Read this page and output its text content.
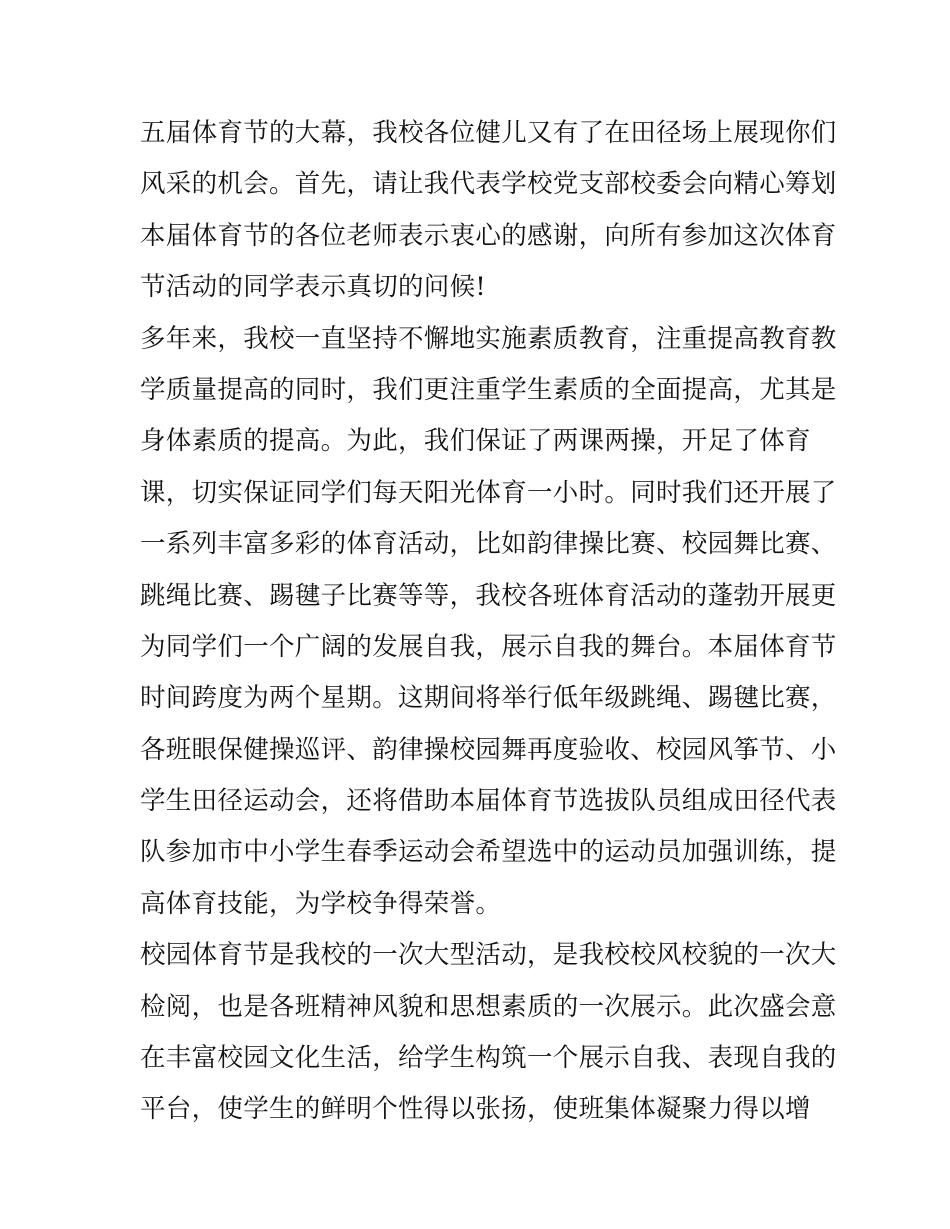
五届体育节的大幕，我校各位健儿又有了在田径场上展现你们
风采的机会。首先，请让我代表学校党支部校委会向精心筹划
本届体育节的各位老师表示衷心的感谢，向所有参加这次体育
节活动的同学表示真切的问候!
多年来，我校一直坚持不懈地实施素质教育，注重提高教育教
学质量提高的同时，我们更注重学生素质的全面提高，尤其是
身体素质的提高。为此，我们保证了两课两操，开足了体育
课，切实保证同学们每天阳光体育一小时。同时我们还开展了
一系列丰富多彩的体育活动，比如韵律操比赛、校园舞比赛、
跳绳比赛、踢毽子比赛等等，我校各班体育活动的蓬勃开展更
为同学们一个广阔的发展自我，展示自我的舞台。本届体育节
时间跨度为两个星期。这期间将举行低年级跳绳、踢毽比赛，
各班眼保健操巡评、韵律操校园舞再度验收、校园风筝节、小
学生田径运动会，还将借助本届体育节选拔队员组成田径代表
队参加市中小学生春季运动会希望选中的运动员加强训练，提
高体育技能，为学校争得荣誉。
校园体育节是我校的一次大型活动，是我校校风校貌的一次大
检阅，也是各班精神风貌和思想素质的一次展示。此次盛会意
在丰富校园文化生活，给学生构筑一个展示自我、表现自我的
平台，使学生的鲜明个性得以张扬，使班集体凝聚力得以增
